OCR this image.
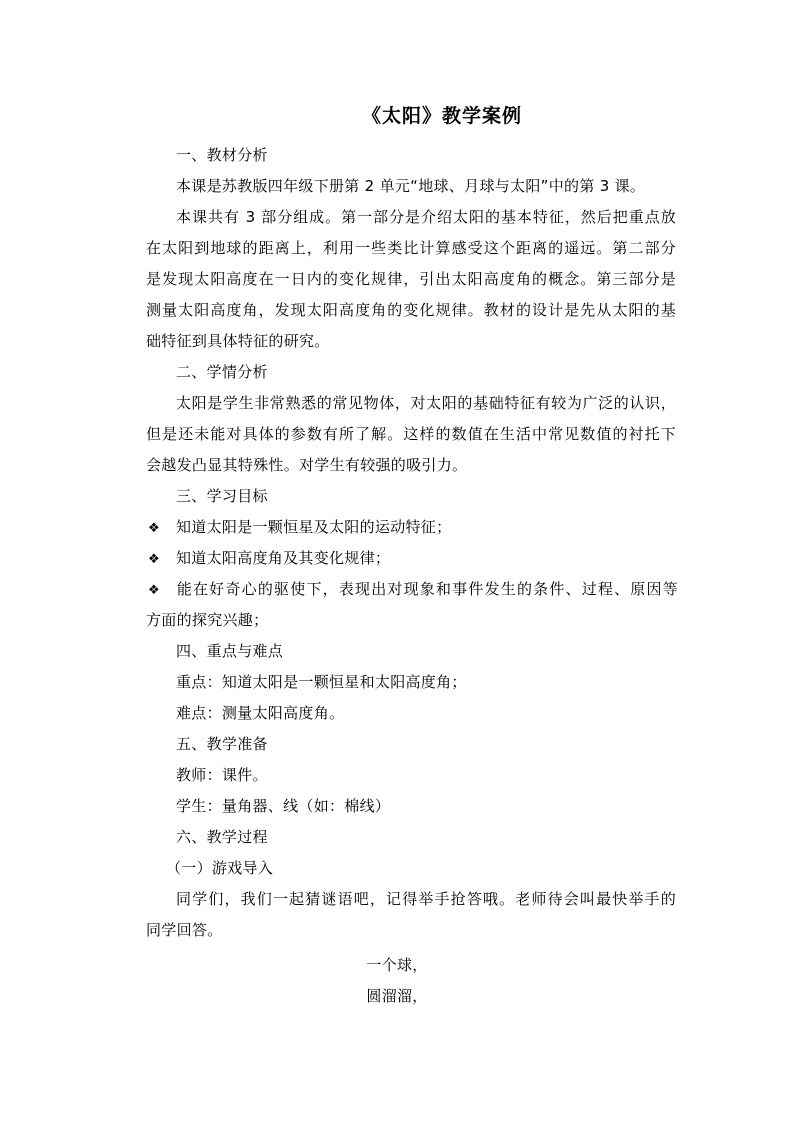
《太阳》教学案例
一、教材分析
本课是苏教版四年级下册第 2 单元“地球、月球与太阳”中的第 3 课。
本课共有 3 部分组成。第一部分是介绍太阳的基本特征，然后把重点放
在太阳到地球的距离上，利用一些类比计算感受这个距离的遥远。第二部分
是发现太阳高度在一日内的变化规律，引出太阳高度角的概念。第三部分是
测量太阳高度角，发现太阳高度角的变化规律。教材的设计是先从太阳的基
础特征到具体特征的研究。
二、学情分析
太阳是学生非常熟悉的常见物体，对太阳的基础特征有较为广泛的认识，
但是还未能对具体的参数有所了解。这样的数值在生活中常见数值的衬托下
会越发凸显其特殊性。对学生有较强的吸引力。
三、学习目标
❖ 知道太阳是一颗恒星及太阳的运动特征；
❖ 知道太阳高度角及其变化规律；
❖ 能在好奇心的驱使下，表现出对现象和事件发生的条件、过程、原因等
方面的探究兴趣；
四、重点与难点
重点：知道太阳是一颗恒星和太阳高度角；
难点：测量太阳高度角。
五、教学准备
教师：课件。
学生：量角器、线（如：棉线）
六、教学过程
（一）游戏导入
同学们，我们一起猜谜语吧，记得举手抢答哦。老师待会叫最快举手的
同学回答。
一个球，
圆溜溜，
